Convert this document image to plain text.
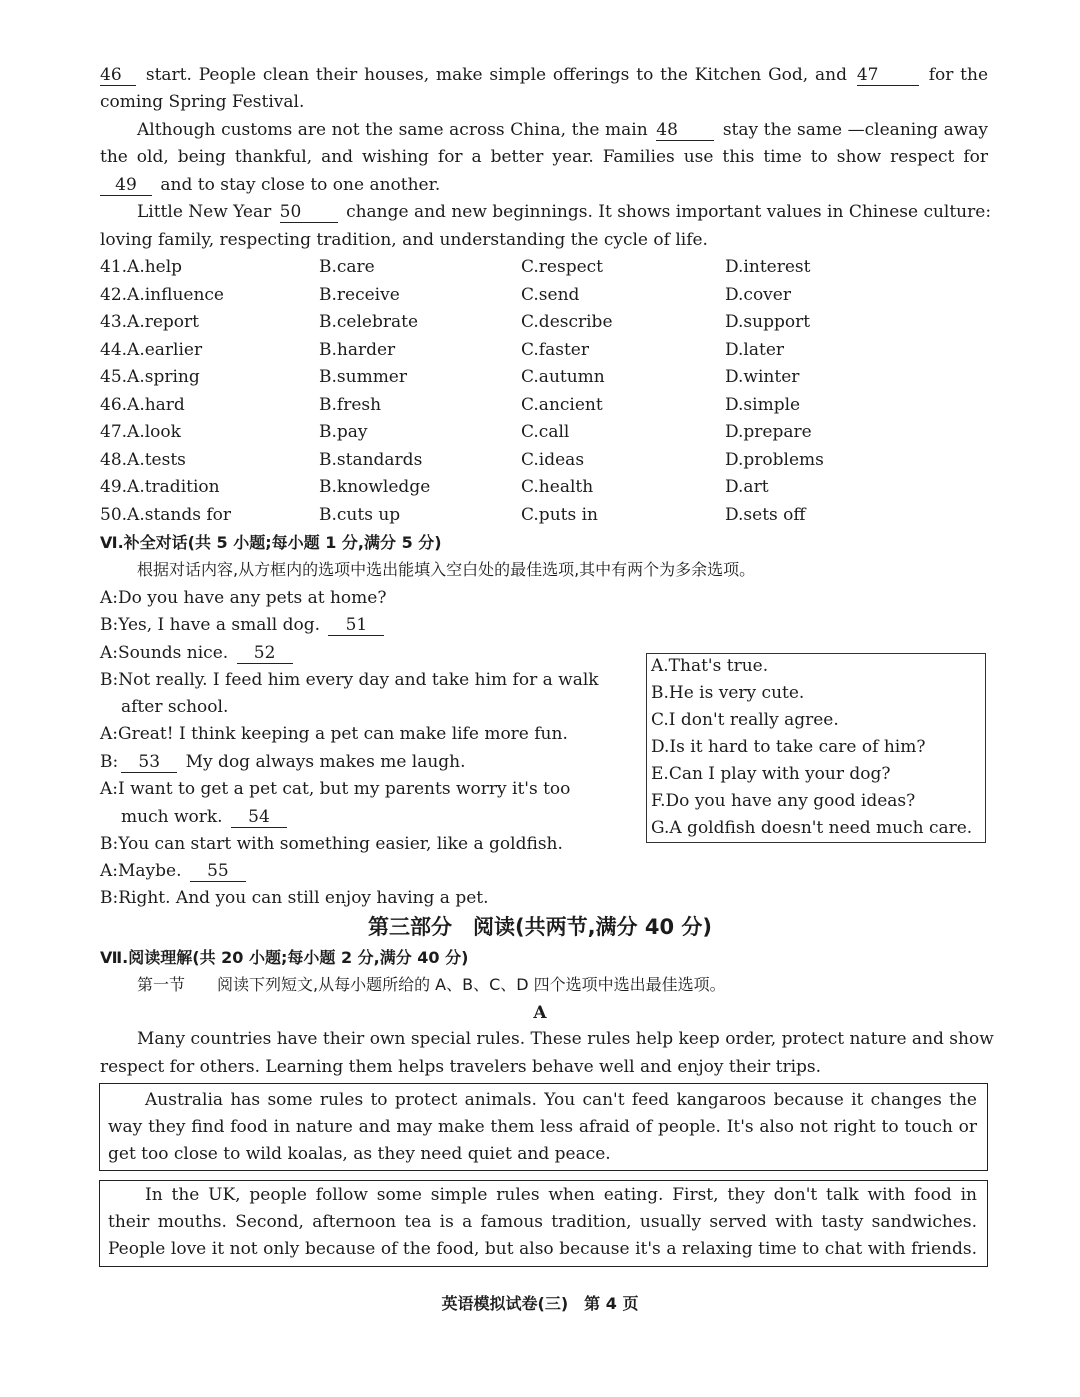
46 start. People clean their houses, make simple offerings to the Kitchen God, and 47	for the
coming Spring Festival.
Although customs are not the same across China, the main 48	stay the same —cleaning away
the old, being thankful, and wishing for a better year. Families use this time to show respect for
49 and to stay close to one another.
Little New Year 50	change and new beginnings. It shows important values in Chinese culture:
loving family, respecting tradition, and understanding the cycle of life.
41.A.help	B.care	C.respect	D.interest
42.A.influence	B.receive	C.send	D.cover
43.A.report	B.celebrate	C.describe	D.support
44.A.earlier	B.harder	C.faster	D.later
45.A.spring	B.summer	C.autumn	D.winter
46.A.hard	B.fresh	C.ancient	D.simple
47.A.look	B.pay	C.call	D.prepare
48.A.tests	B.standards	C.ideas	D.problems
49.A.tradition	B.knowledge	C.health	D.art
50.A.stands for	B.cuts up	C.puts in	D.sets off
Ⅵ.补全对话(共 5 小题;每小题 1 分,满分 5 分)
根据对话内容,从方框内的选项中选出能填入空白处的最佳选项,其中有两个为多余选项。
A:Do you have any pets at home?
B:Yes, I have a small dog. 51
A:Sounds nice. 52
B:Not really. I feed him every day and take him for a walk
after school.
A:Great! I think keeping a pet can make life more fun.
B: 53 My dog always makes me laugh.
A:I want to get a pet cat, but my parents worry it's too
much work. 54
B:You can start with something easier, like a goldfish.
A:Maybe. 55
B:Right. And you can still enjoy having a pet.
A.That's true.
B.He is very cute.
C.I don't really agree.
D.Is it hard to take care of him?
E.Can I play with your dog?
F.Do you have any good ideas?
G.A goldfish doesn't need much care.
第三部分　阅读(共两节,满分 40 分)
Ⅶ.阅读理解(共 20 小题;每小题 2 分,满分 40 分)
第一节 阅读下列短文,从每小题所给的 A、B、C、D 四个选项中选出最佳选项。
A
Many countries have their own special rules. These rules help keep order, protect nature and show
respect for others. Learning them helps travelers behave well and enjoy their trips.
Australia has some rules to protect animals. You can't feed kangaroos because it changes the
way they find food in nature and may make them less afraid of people. It's also not right to touch or
get too close to wild koalas, as they need quiet and peace.
In the UK, people follow some simple rules when eating. First, they don't talk with food in
their mouths. Second, afternoon tea is a famous tradition, usually served with tasty sandwiches.
People love it not only because of the food, but also because it's a relaxing time to chat with friends.
英语模拟试卷(三)　第 4 页
